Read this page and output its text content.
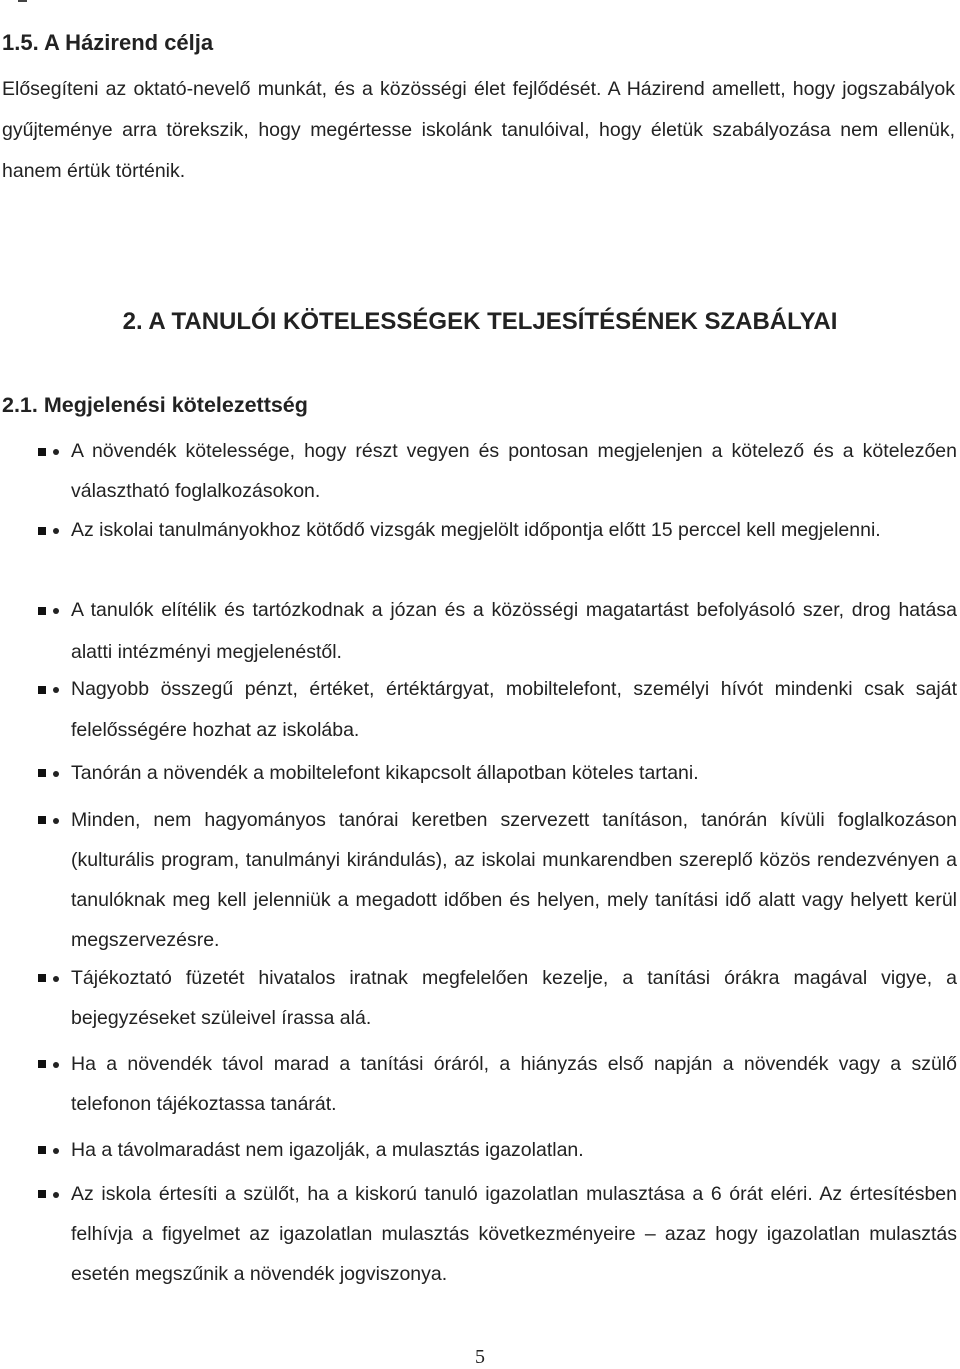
1.5. A Házirend célja

Elősegíteni az oktató-nevelő munkát, és a közösségi élet fejlődését. A Házirend amellett, hogy jogszabályok gyűjteménye arra törekszik, hogy megértesse iskolánk tanulóival, hogy életük szabályozása nem ellenük, hanem értük történik.

2. A TANULÓI KÖTELESSÉGEK TELJESÍTÉSÉNEK SZABÁLYAI
2.1. Megjelenési kötelezettség
• A növendék kötelessége, hogy részt vegyen és pontosan megjelenjen a kötelező és a kötelezően választható foglalkozásokon.
• Az iskolai tanulmányokhoz kötődő vizsgák megjelölt időpontja előtt 15 perccel kell megjelenni.
• A tanulók elítélik és tartózkodnak a józan és a közösségi magatartást befolyásoló szer, drog hatása alatti intézményi megjelenéstől.
• Nagyobb összegű pénzt, értéket, értéktárgyat, mobiltelefont, személyi hívót mindenki csak saját felelősségére hozhat az iskolába.
• Tanórán a növendék a mobiltelefont kikapcsolt állapotban köteles tartani.
• Minden, nem hagyományos tanórai keretben szervezett tanításon, tanórán kívüli foglalkozáson (kulturális program, tanulmányi kirándulás), az iskolai munkarendben szereplő közös rendezvényen a tanulóknak meg kell jelenniük a megadott időben és helyen, mely tanítási idő alatt vagy helyett kerül megszervezésre.
• Tájékoztató füzetét hivatalos iratnak megfelelően kezelje, a tanítási órákra magával vigye, a bejegyzéseket szüleivel írassa alá.
• Ha a növendék távol marad a tanítási óráról, a hiányzás első napján a növendék vagy a szülő telefonon tájékoztassa tanárát.
• Ha a távolmaradást nem igazolják, a mulasztás igazolatlan.
• Az iskola értesíti a szülőt, ha a kiskorú tanuló igazolatlan mulasztása a 6 órát eléri. Az értesítésben felhívja a figyelmet az igazolatlan mulasztás következményeire – azaz hogy igazolatlan mulasztás esetén megszűnik a növendék jogviszonya.
5
